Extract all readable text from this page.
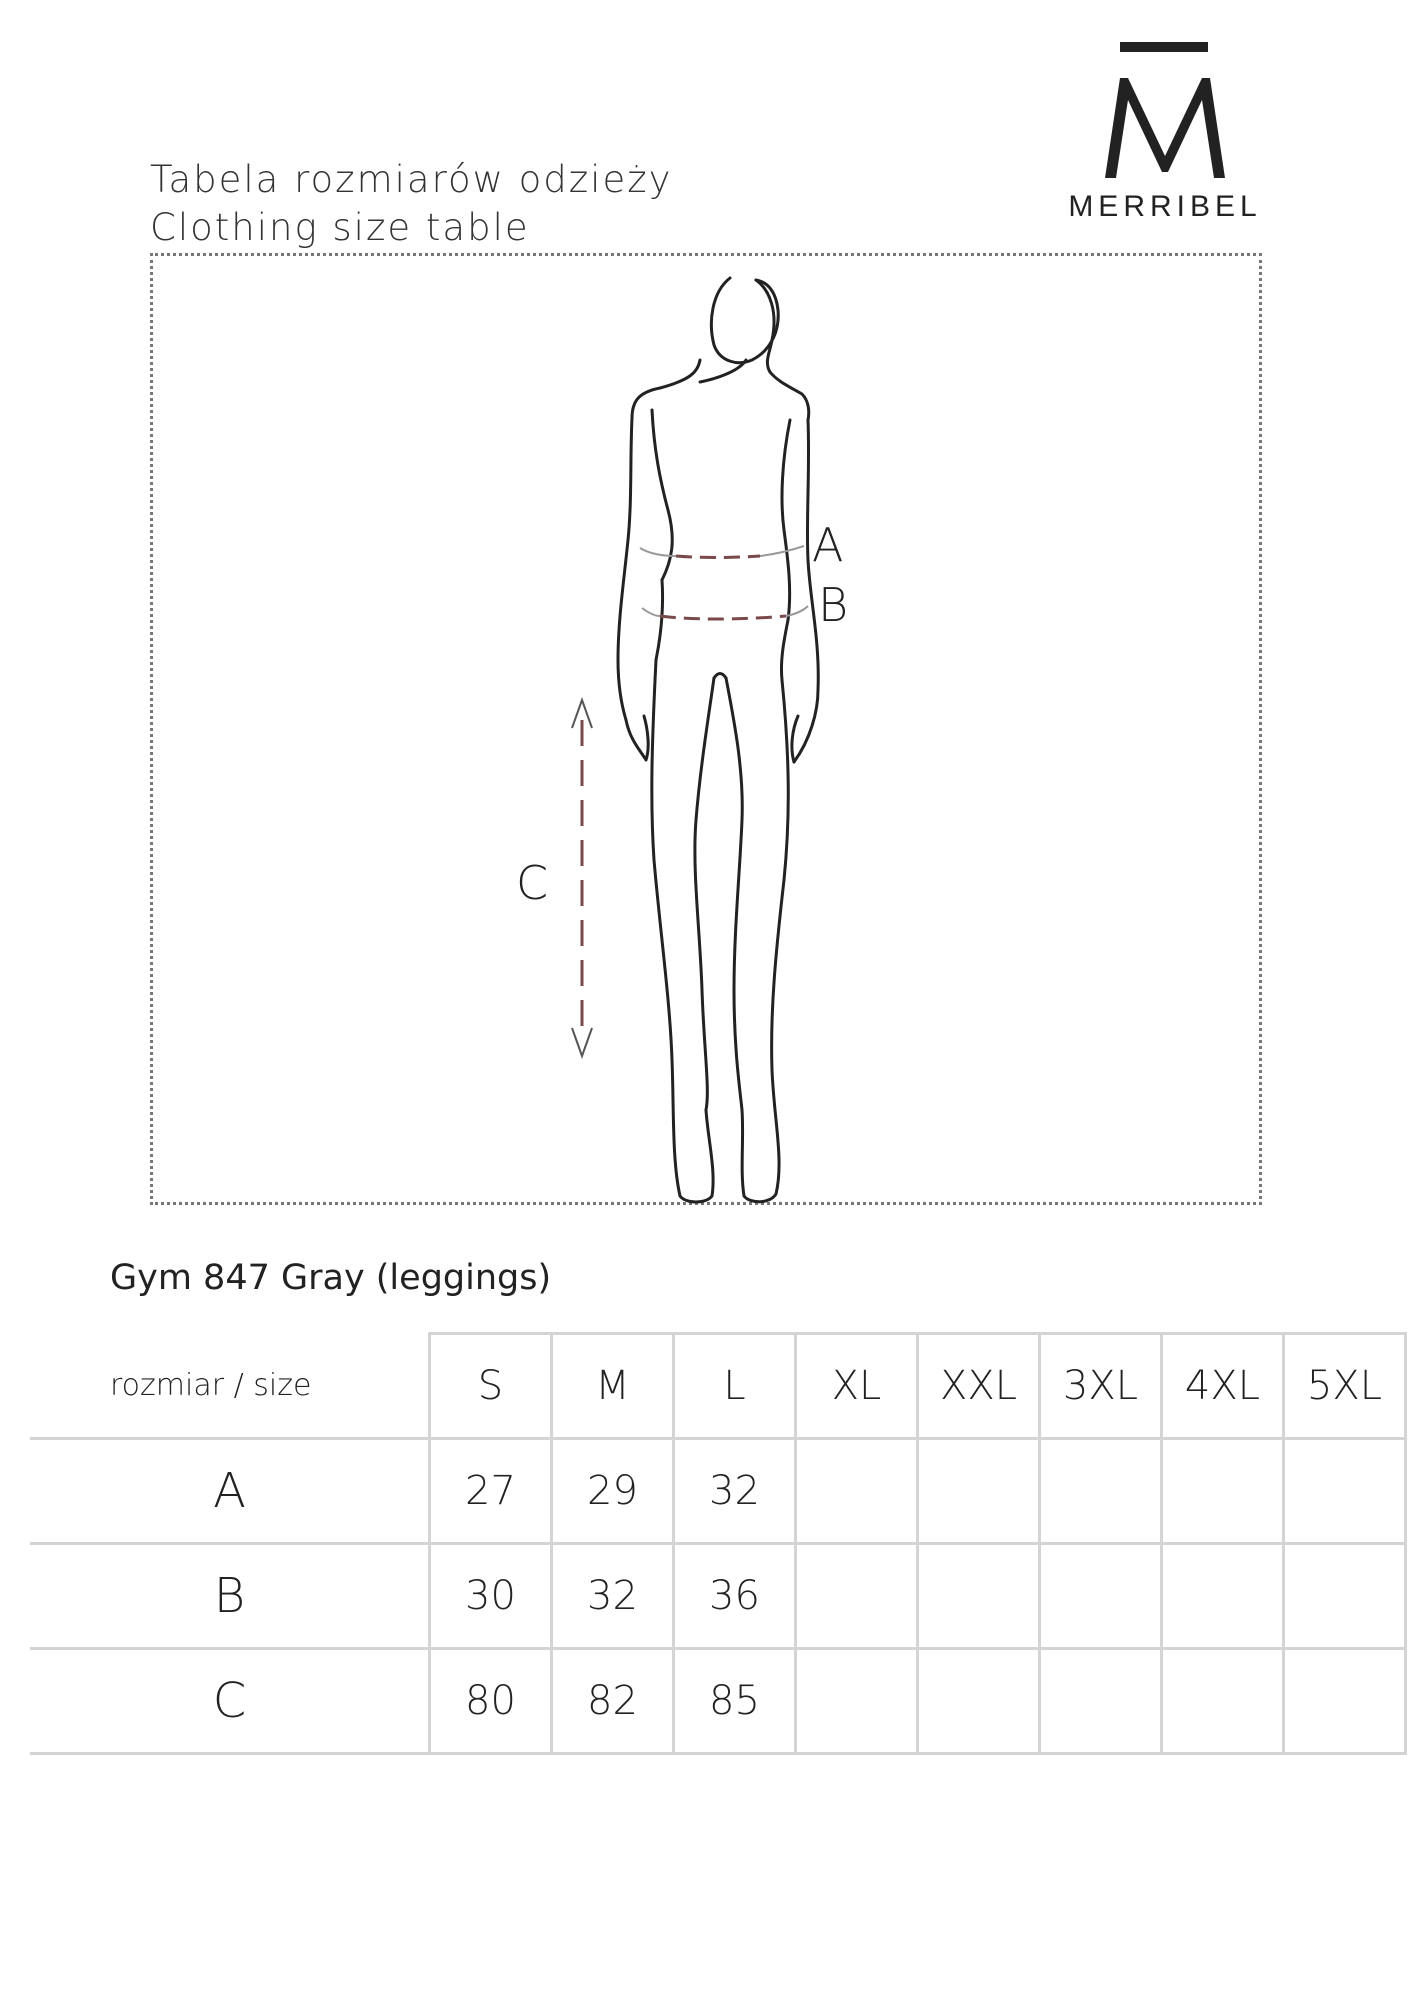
Tabela rozmiarów odzieży
Clothing size table	MERRIBEL
A
B
C
Gym 847 Gray (leggings)
rozmiar / size	S	M	L	XL	XXL	3XL	4XL	5XL
A	27	29	32					
B	30	32	36					
C	80	82	85					
